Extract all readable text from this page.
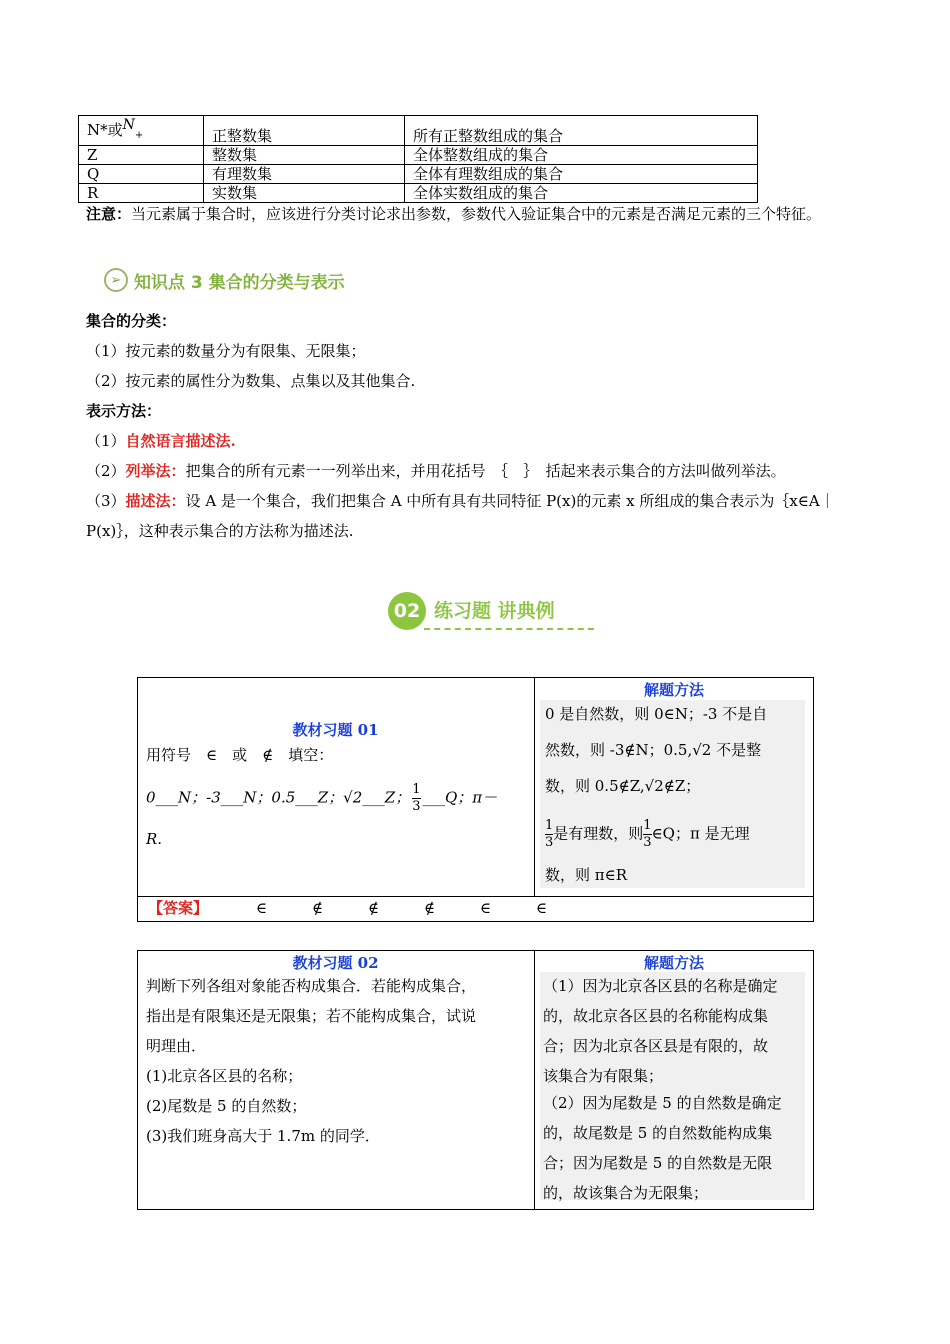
N*或$N_+$	正整数集	所有正整数组成的集合
Z	整数集	全体整数组成的集合
Q	有理数集	全体有理数组成的集合
R	实数集	全体实数组成的集合
注意：当元素属于集合时，应该进行分类讨论求出参数，参数代入验证集合中的元素是否满足元素的三个特征。
➢ 知识点 3 集合的分类与表示
集合的分类：
（1）按元素的数量分为有限集、无限集；
（2）按元素的属性分为数集、点集以及其他集合.
表示方法：
（1）自然语言描述法.
（2）列举法：把集合的所有元素一一列举出来，并用花括号　｛　｝　括起来表示集合的方法叫做列举法。
（3）描述法：设 A 是一个集合，我们把集合 A 中所有具有共同特征 P(x)的元素 x 所组成的集合表示为｛x∈A｜P(x)｝，这种表示集合的方法称为描述法.
02 练习题 讲典例
教材习题 01
解题方法
用符号　∈　或　∉　填空：
0___N；-3___N；0.5___Z；√2___Z； $\frac{1}{3}$ ___Q；π－
R.
0 是自然数，则 0∈N；-3 不是自
然数，则 -3∉N；0.5,√2 不是整
数，则 0.5∉Z,√2∉Z；
$\frac{1}{3}$ 是有理数，则 $\frac{1}{3}$ ∈Q；π 是无理
数，则 π∈R
【答案】	∈	∉	∉	∉	∈	∈
教材习题 02	解题方法
判断下列各组对象能否构成集合．若能构成集合，
指出是有限集还是无限集；若不能构成集合，试说
明理由．
(1)北京各区县的名称；
(2)尾数是 5 的自然数；
(3)我们班身高大于 1.7m 的同学．
（1）因为北京各区县的名称是确定
的，故北京各区县的名称能构成集
合；因为北京各区县是有限的，故
该集合为有限集；
（2）因为尾数是 5 的自然数是确定
的，故尾数是 5 的自然数能构成集
合；因为尾数是 5 的自然数是无限
的，故该集合为无限集；
